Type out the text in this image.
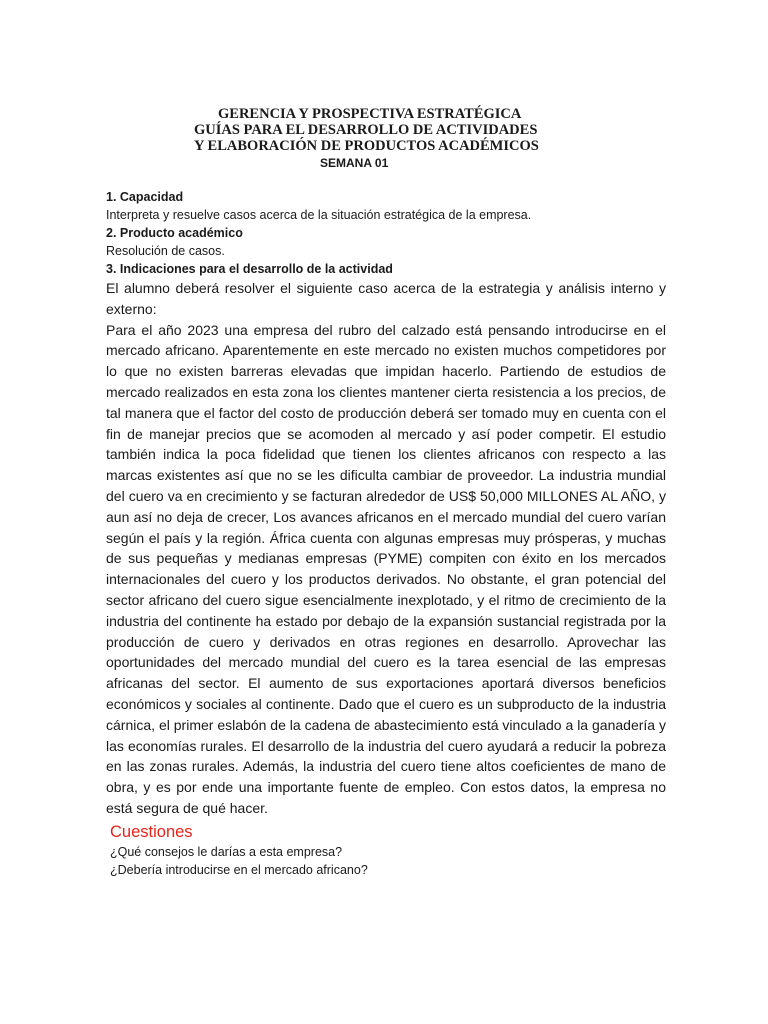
GERENCIA Y PROSPECTIVA ESTRATÉGICA
GUÍAS PARA EL DESARROLLO DE ACTIVIDADES
Y ELABORACIÓN DE PRODUCTOS ACADÉMICOS
SEMANA 01
1. Capacidad
Interpreta y resuelve casos acerca de la situación estratégica de la empresa.
2. Producto académico
Resolución de casos.
3. Indicaciones para el desarrollo de la actividad

El alumno deberá resolver el siguiente caso acerca de la estrategia y análisis interno y externo:

Para el año 2023 una empresa del rubro del calzado está pensando introducirse en el mercado africano. Aparentemente en este mercado no existen muchos competidores por lo que no existen barreras elevadas que impidan hacerlo. Partiendo de estudios de mercado realizados en esta zona los clientes mantener cierta resistencia a los precios, de tal manera que el factor del costo de producción deberá ser tomado muy en cuenta con el fin de manejar precios que se acomoden al mercado y así poder competir. El estudio también indica la poca fidelidad que tienen los clientes africanos con respecto a las marcas existentes así que no se les dificulta cambiar de proveedor. La industria mundial del cuero va en crecimiento y se facturan alrededor de US$ 50,000 MILLONES AL AÑO, y aun así no deja de crecer, Los avances africanos en el mercado mundial del cuero varían según el país y la región. África cuenta con algunas empresas muy prósperas, y muchas de sus pequeñas y medianas empresas (PYME) compiten con éxito en los mercados internacionales del cuero y los productos derivados. No obstante, el gran potencial del sector africano del cuero sigue esencialmente inexplotado, y el ritmo de crecimiento de la industria del continente ha estado por debajo de la expansión sustancial registrada por la producción de cuero y derivados en otras regiones en desarrollo. Aprovechar las oportunidades del mercado mundial del cuero es la tarea esencial de las empresas africanas del sector. El aumento de sus exportaciones aportará diversos beneficios económicos y sociales al continente. Dado que el cuero es un subproducto de la industria cárnica, el primer eslabón de la cadena de abastecimiento está vinculado a la ganadería y las economías rurales. El desarrollo de la industria del cuero ayudará a reducir la pobreza en las zonas rurales. Además, la industria del cuero tiene altos coeficientes de mano de obra, y es por ende una importante fuente de empleo. Con estos datos, la empresa no está segura de qué hacer.

Cuestiones
¿Qué consejos le darías a esta empresa?
¿Debería introducirse en el mercado africano?
